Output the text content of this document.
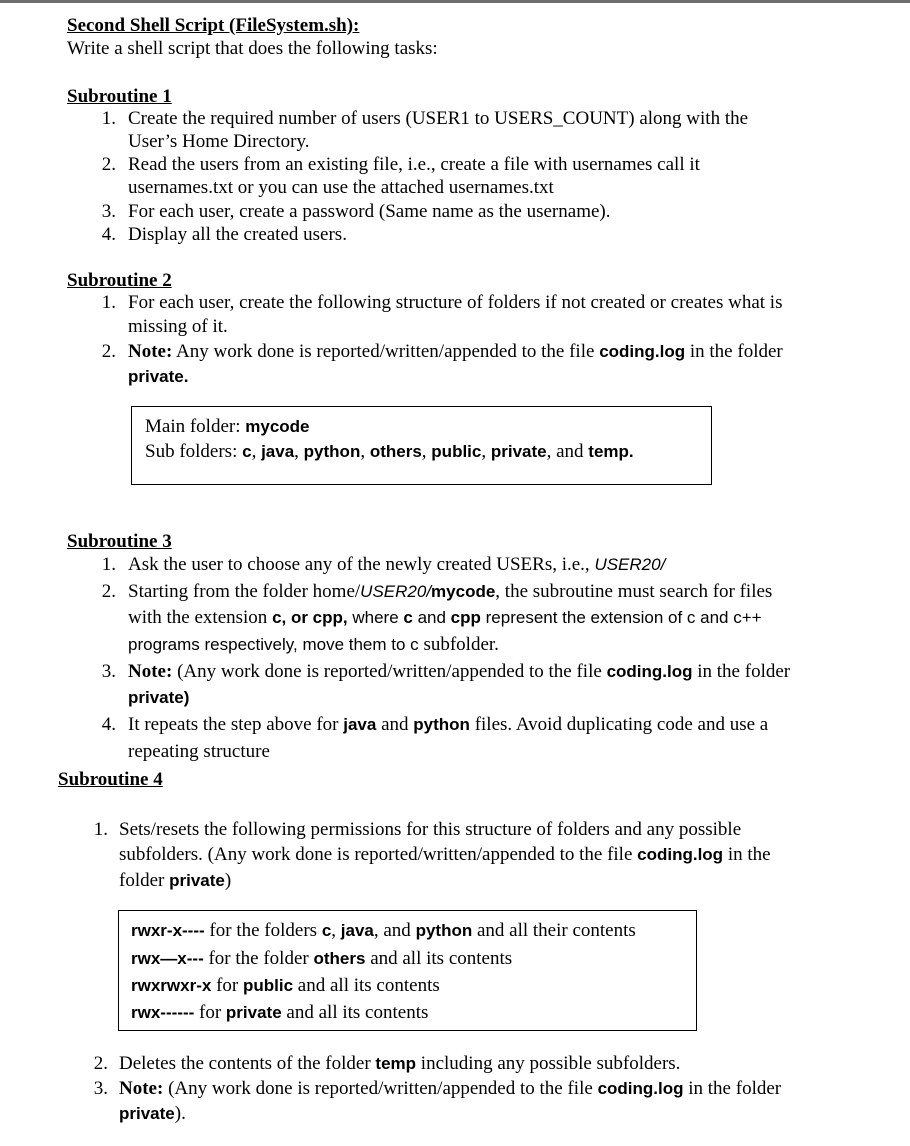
Second Shell Script (FileSystem.sh):
Write a shell script that does the following tasks:
Subroutine 1
1. Create the required number of users (USER1 to USERS_COUNT) along with the
User’s Home Directory.
2. Read the users from an existing file, i.e., create a file with usernames call it
usernames.txt or you can use the attached usernames.txt
3. For each user, create a password (Same name as the username).
4. Display all the created users.
Subroutine 2
1. For each user, create the following structure of folders if not created or creates what is
missing of it.
2. Note: Any work done is reported/written/appended to the file coding.log in the folder
private.
Main folder: mycode
Sub folders: c, java, python, others, public, private, and temp.
Subroutine 3
1. Ask the user to choose any of the newly created USERs, i.e., USER20/
2. Starting from the folder home/USER20/mycode, the subroutine must search for files
with the extension c, or cpp, where c and cpp represent the extension of c and c++
programs respectively, move them to c subfolder.
3. Note: (Any work done is reported/written/appended to the file coding.log in the folder
private)
4. It repeats the step above for java and python files. Avoid duplicating code and use a
repeating structure
Subroutine 4
1. Sets/resets the following permissions for this structure of folders and any possible
subfolders. (Any work done is reported/written/appended to the file coding.log in the
folder private)
rwxr-x---- for the folders c, java, and python and all their contents
rwx—x--- for the folder others and all its contents
rwxrwxr-x for public and all its contents
rwx------ for private and all its contents
2. Deletes the contents of the folder temp including any possible subfolders.
3. Note: (Any work done is reported/written/appended to the file coding.log in the folder
private).
